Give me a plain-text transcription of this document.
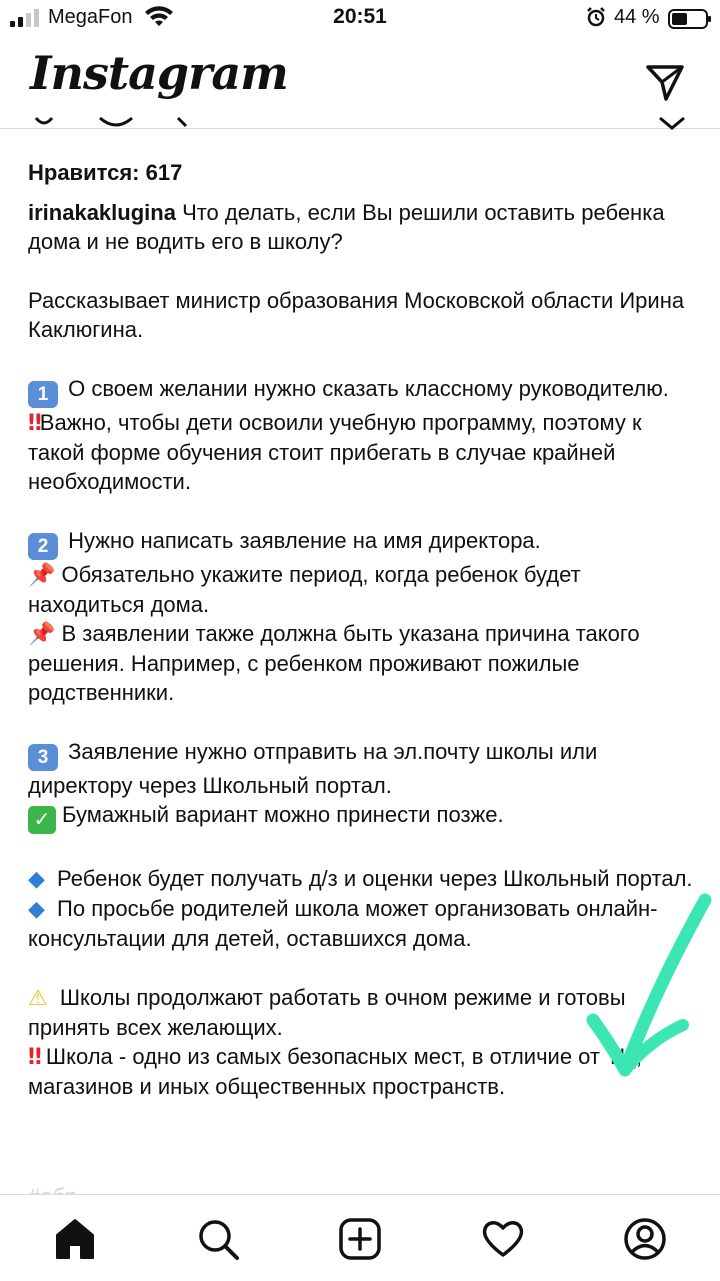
MegaFon	20:51	44 %
Instagram
Нравится: 617

irinakaklugina Что делать, если Вы решили оставить ребенка дома и не водить его в школу?

Рассказывает министр образования Московской области Ирина Каклюгина.

1 О своем желании нужно сказать классному руководителю.

‼Важно, чтобы дети освоили учебную программу, поэтому к такой форме обучения стоит прибегать в случае крайней необходимости.

2 Нужно написать заявление на имя директора.

📌 Обязательно укажите период, когда ребенок будет находиться дома.

📌 В заявлении также должна быть указана причина такого решения. Например, с ребенком проживают пожилые родственники.

3 Заявление нужно отправить на эл.почту школы или директору через Школьный портал.

✓ Бумажный вариант можно принести позже.

◆ Ребенок будет получать д/з и оценки через Школьный портал.

◆ По просьбе родителей школа может организовать онлайн-консультации для детей, оставшихся дома.

⚠ Школы продолжают работать в очном режиме и готовы принять всех желающих.

‼ Школа - одно из самых безопасных мест, в отличие от ТЦ, магазинов и иных общественных пространств.
